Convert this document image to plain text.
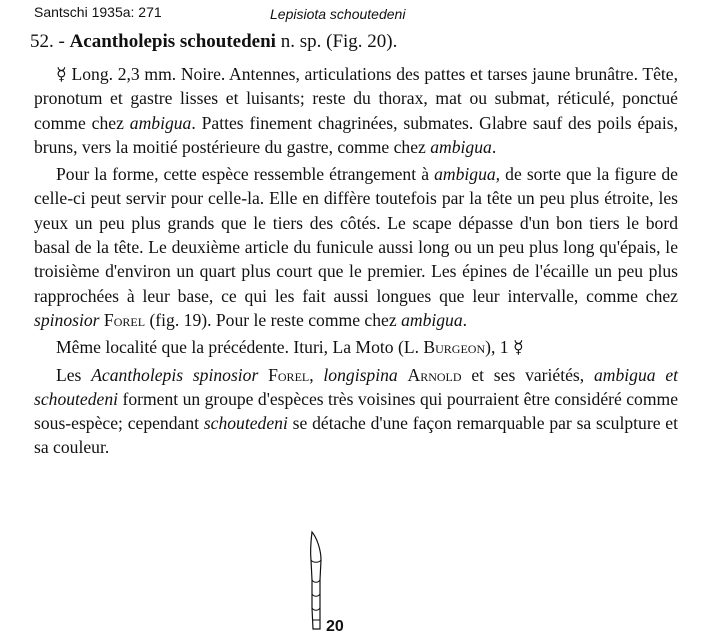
Santschi 1935a: 271	Lepisiota schoutedeni
52. - Acantholepis schoutedeni n. sp. (Fig. 20).

☿ Long. 2,3 mm. Noire. Antennes, articulations des pattes et tarses jaune brunâtre. Tête, pronotum et gastre lisses et luisants; reste du thorax, mat ou submat, réticulé, ponctué comme chez ambigua. Pattes finement chagrinées, submates. Glabre sauf des poils épais, bruns, vers la moitié postérieure du gastre, comme chez ambigua.

Pour la forme, cette espèce ressemble étrangement à ambigua, de sorte que la figure de celle-ci peut servir pour celle-la. Elle en diffère toutefois par la tête un peu plus étroite, les yeux un peu plus grands que le tiers des côtés. Le scape dépasse d'un bon tiers le bord basal de la tête. Le deuxième article du funicule aussi long ou un peu plus long qu'épais, le troisième d'environ un quart plus court que le premier. Les épines de l'écaille un peu plus rapprochées à leur base, ce qui les fait aussi longues que leur intervalle, comme chez spinosior Forel (fig. 19). Pour le reste comme chez ambigua.

Même localité que la précédente. Ituri, La Moto (L. Burgeon), 1 ☿

Les Acantholepis spinosior Forel, longispina Arnold et ses variétés, ambigua et schoutedeni forment un groupe d'espèces très voisines qui pourraient être considéré comme sous-espèce; cependant schoutedeni se détache d'une façon remarquable par sa sculpture et sa couleur.

20
